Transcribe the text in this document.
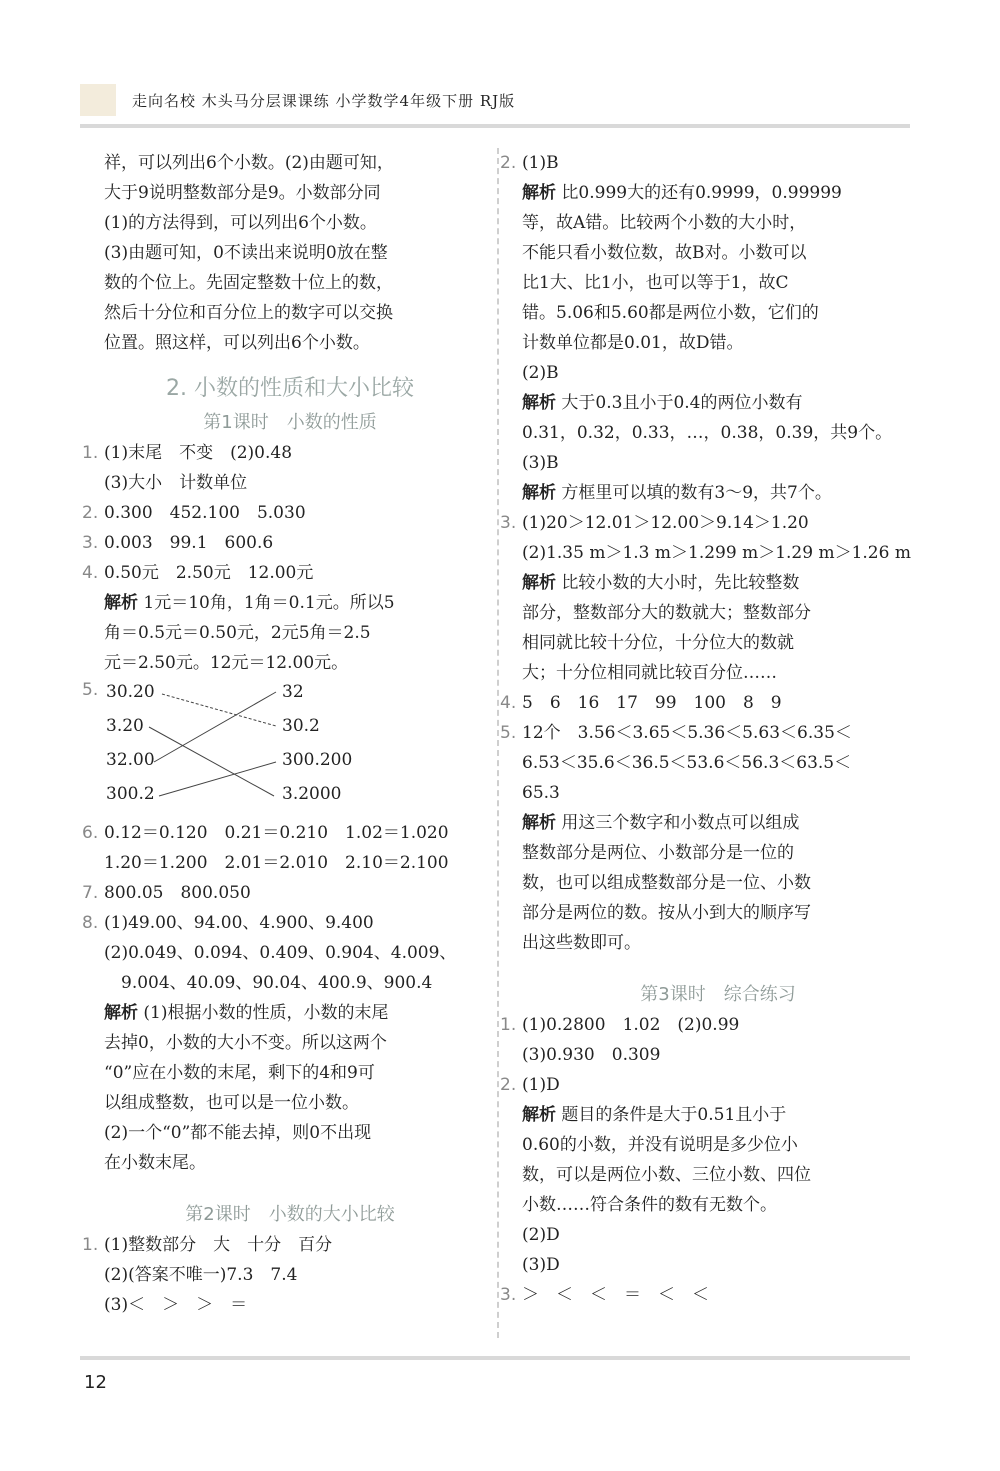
走向名校 木头马分层课课练 小学数学4年级下册 RJ版
祥，可以列出6个小数。(2)由题可知，
大于9说明整数部分是9。小数部分同
(1)的方法得到，可以列出6个小数。
(3)由题可知，0不读出来说明0放在整
数的个位上。先固定整数十位上的数，
然后十分位和百分位上的数字可以交换
位置。照这样，可以列出6个小数。
2. 小数的性质和大小比较
第1课时　小数的性质
1. (1)末尾　不变　(2)0.48
(3)大小　计数单位
2. 0.300　452.100　5.030
3. 0.003　99.1　600.6
4. 0.50元　2.50元　12.00元
解析 1元＝10角，1角＝0.1元。所以5
角＝0.5元＝0.50元，2元5角＝2.5
元＝2.50元。12元＝12.00元。
5. 30.20
3.20
32.00
300.2
32
30.2
300.200
3.2000
6. 0.12＝0.120　0.21＝0.210　1.02＝1.020
1.20＝1.200　2.01＝2.010　2.10＝2.100
7. 800.05　800.050
8. (1)49.00、94.00、4.900、9.400
(2)0.049、0.094、0.409、0.904、4.009、
　9.004、40.09、90.04、400.9、900.4
解析 (1)根据小数的性质，小数的末尾
去掉0，小数的大小不变。所以这两个
“0”应在小数的末尾，剩下的4和9可
以组成整数，也可以是一位小数。
(2)一个“0”都不能去掉，则0不出现
在小数末尾。
第2课时　小数的大小比较
1. (1)整数部分　大　十分　百分
(2)(答案不唯一)7.3　7.4
(3)＜　＞　＞　＝
2. (1)B
解析 比0.999大的还有0.9999，0.99999
等，故A错。比较两个小数的大小时，
不能只看小数位数，故B对。小数可以
比1大、比1小，也可以等于1，故C
错。5.06和5.60都是两位小数，它们的
计数单位都是0.01，故D错。
(2)B
解析 大于0.3且小于0.4的两位小数有
0.31，0.32，0.33，…，0.38，0.39，共9个。
(3)B
解析 方框里可以填的数有3～9，共7个。
3. (1)20＞12.01＞12.00＞9.14＞1.20
(2)1.35 m＞1.3 m＞1.299 m＞1.29 m＞1.26 m
解析 比较小数的大小时，先比较整数
部分，整数部分大的数就大；整数部分
相同就比较十分位，十分位大的数就
大；十分位相同就比较百分位……
4. 5　6　16　17　99　100　8　9
5. 12个　3.56＜3.65＜5.36＜5.63＜6.35＜
6.53＜35.6＜36.5＜53.6＜56.3＜63.5＜
65.3
解析 用这三个数字和小数点可以组成
整数部分是两位、小数部分是一位的
数，也可以组成整数部分是一位、小数
部分是两位的数。按从小到大的顺序写
出这些数即可。
第3课时　综合练习
1. (1)0.2800　1.02　(2)0.99
(3)0.930　0.309
2. (1)D
解析 题目的条件是大于0.51且小于
0.60的小数，并没有说明是多少位小
数，可以是两位小数、三位小数、四位
小数……符合条件的数有无数个。
(2)D
(3)D
3. ＞　＜　＜　＝　＜　＜
12
